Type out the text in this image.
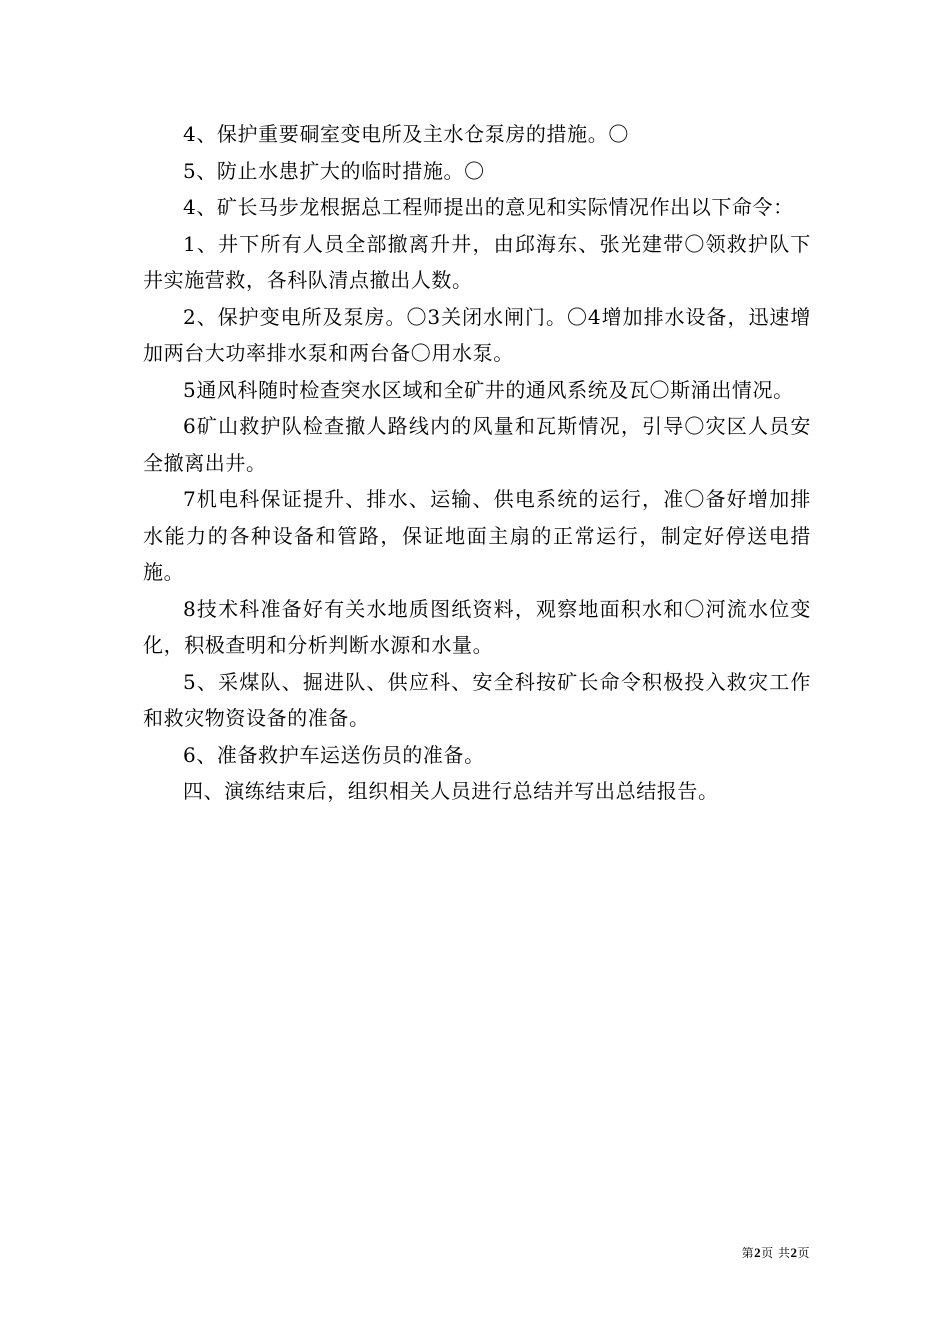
4、保护重要硐室变电所及主水仓泵房的措施。〇

5、防止水患扩大的临时措施。〇

4、矿长马步龙根据总工程师提出的意见和实际情况作出以下命令：

1、井下所有人员全部撤离升井，由邱海东、张光建带〇领救护队下井实施营救，各科队清点撤出人数。

2、保护变电所及泵房。〇3关闭水闸门。〇4增加排水设备，迅速增加两台大功率排水泵和两台备〇用水泵。

5通风科随时检查突水区域和全矿井的通风系统及瓦〇斯涌出情况。

6矿山救护队检查撤人路线内的风量和瓦斯情况，引导〇灾区人员安全撤离出井。

7机电科保证提升、排水、运输、供电系统的运行，准〇备好增加排水能力的各种设备和管路，保证地面主扇的正常运行，制定好停送电措施。

8技术科准备好有关水地质图纸资料，观察地面积水和〇河流水位变化，积极查明和分析判断水源和水量。

5、采煤队、掘进队、供应科、安全科按矿长命令积极投入救灾工作和救灾物资设备的准备。

6、准备救护车运送伤员的准备。

四、演练结束后，组织相关人员进行总结并写出总结报告。

第2页 共2页
